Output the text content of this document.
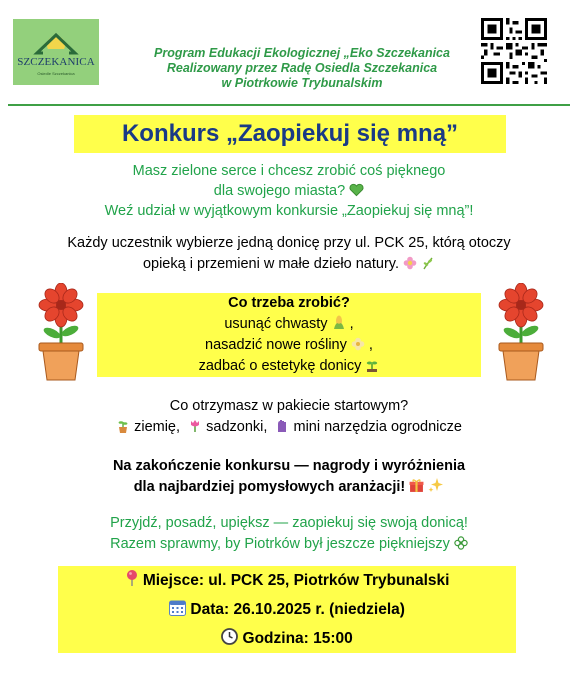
SZCZEKANICA
Osiedle Szczekanica
Program Edukacji Ekologicznej „Eko Szczekanica
Realizowany przez Radę Osiedla Szczekanica
w Piotrkowie Trybunalskim
Konkurs „Zaopiekuj się mną”
Masz zielone serce i chcesz zrobić coś pięknego
dla swojego miasta?
Weź udział w wyjątkowym konkursie „Zaopiekuj się mną”!
Każdy uczestnik wybierze jedną donicę przy ul. PCK 25, którą otoczy
opieką i przemieni w małe dzieło natury.
Co trzeba zrobić?
usunąć chwasty  ,
nasadzić nowe rośliny  ,
zadbać o estetykę donicy
Co otrzymasz w pakiecie startowym?
ziemię, sadzonki, mini narzędzia ogrodnicze
Na zakończenie konkursu — nagrody i wyróżnienia
dla najbardziej pomysłowych aranżacji!
Przyjdź, posadź, upiększ — zaopiekuj się swoją donicą!
Razem sprawmy, by Piotrków był jeszcze piękniejszy
Miejsce: ul. PCK 25, Piotrków Trybunalski
Data: 26.10.2025 r. (niedziela)
Godzina: 15:00
